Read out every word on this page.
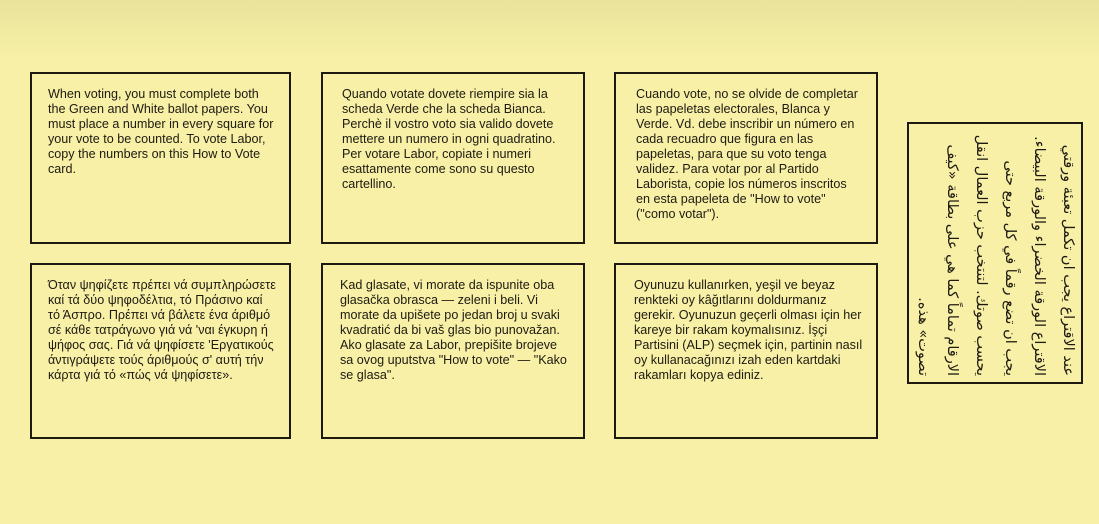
When voting, you must complete both the Green and White ballot papers. You must place a number in every square for your vote to be counted. To vote Labor, copy the numbers on this How to Vote card.

Quando votate dovete riempire sia la scheda Verde che la scheda Bianca. Perchè il vostro voto sia valido dovete mettere un numero in ogni quadratino. Per votare Labor, copiate i numeri esattamente come sono su questo cartellino.

Cuando vote, no se olvide de completar las papeletas electorales, Blanca y Verde. Vd. debe inscribir un número en cada recuadro que figura en las papeletas, para que su voto tenga validez. Para votar por al Partido Laborista, copie los números inscritos en esta papeleta de "How to vote" ("como votar").

Όταν ψηφίζετε πρέπει νά συμπληρώσετε καί τά δύο ψηφοδέλτια, τό Πράσινο καί τό Άσπρο. Πρέπει νά βάλετε ένα άριθμό σέ κάθε τατράγωνο γιά νά 'ναι έγκυρη ή ψήφος σας. Γιά νά ψηφίσετε 'Εργατικούς άντιγράψετε τούς άριθμούς σ' αυτή τήν κάρτα γιά τό «πώς νά ψηφίσετε».

Kad glasate, vi morate da ispunite oba glasačka obrasca — zeleni i beli. Vi morate da upišete po jedan broj u svaki kvadratić da bi vaš glas bio punovažan. Ako glasate za Labor, prepišite brojeve sa ovog uputstva "How to vote" — "Kako se glasa".

Oyunuzu kullanırken, yeşil ve beyaz renkteki oy kâğıtlarını doldurmanız gerekir. Oyunuzun geçerli olması için her kareye bir rakam koymalısınız. İşçi Partisini (ALP) seçmek için, partinin nasıl oy kullanacağınızı izah eden kartdaki rakamları kopya ediniz.	عند الاقتراع يجب ان تكمل تعبئة ورقتي الاقتراع الورقة الخضراء والورقة البيضاء. يجب ان تضع رقماً في كل مربع حتى يحسب صوتك. لتنتخب حزب العمال انقل الارقام تماماً كما هي على بطاقة «كيف تصوت» هذه.
